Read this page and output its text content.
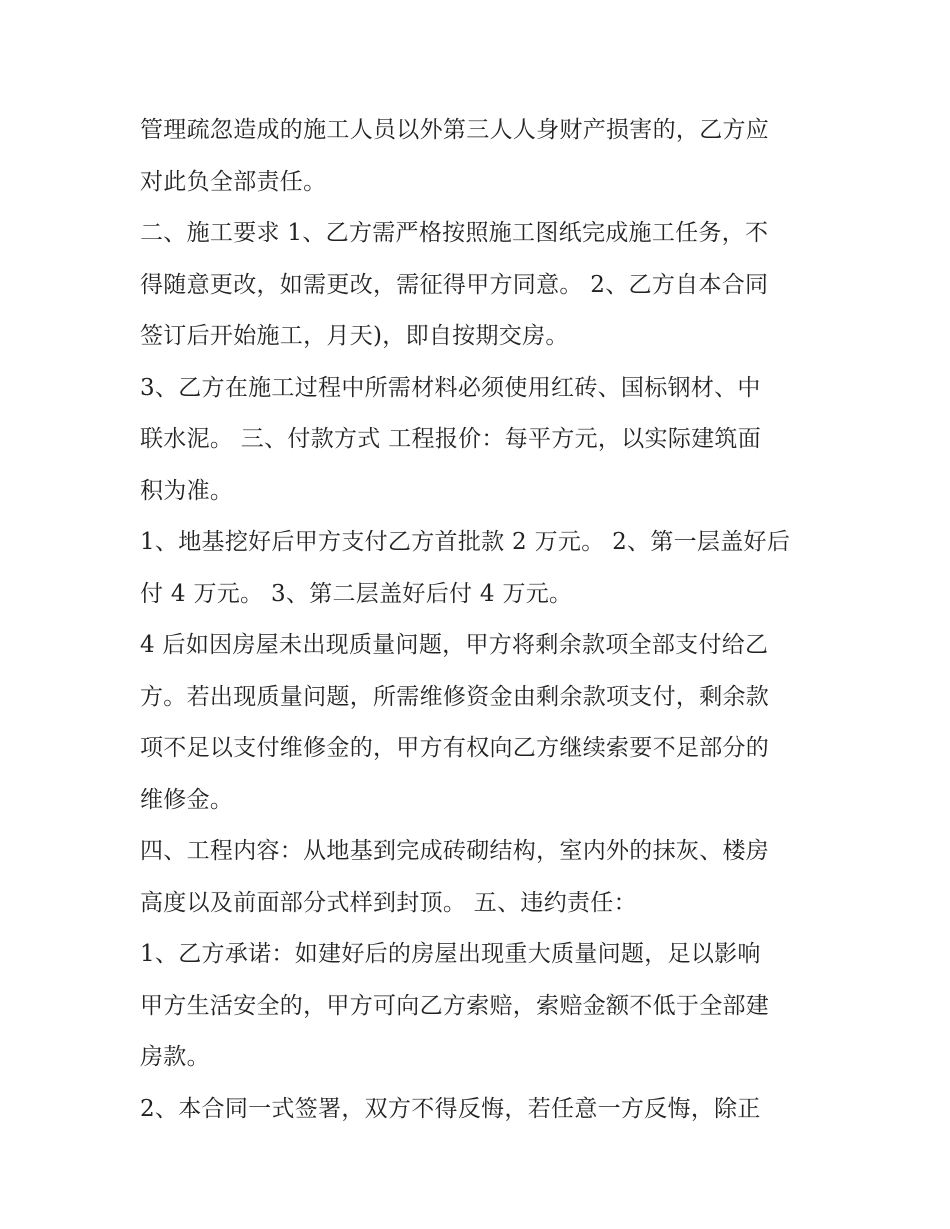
管理疏忽造成的施工人员以外第三人人身财产损害的，乙方应
对此负全部责任。

二、施工要求 1、乙方需严格按照施工图纸完成施工任务，不
得随意更改，如需更改，需征得甲方同意。 2、乙方自本合同
签订后开始施工，月天)，即自按期交房。

3、乙方在施工过程中所需材料必须使用红砖、国标钢材、中
联水泥。 三、付款方式 工程报价：每平方元，以实际建筑面
积为准。

1、地基挖好后甲方支付乙方首批款 2 万元。 2、第一层盖好后
付 4 万元。 3、第二层盖好后付 4 万元。

4 后如因房屋未出现质量问题，甲方将剩余款项全部支付给乙
方。若出现质量问题，所需维修资金由剩余款项支付，剩余款
项不足以支付维修金的，甲方有权向乙方继续索要不足部分的
维修金。

四、工程内容：从地基到完成砖砌结构，室内外的抹灰、楼房
高度以及前面部分式样到封顶。 五、违约责任：

1、乙方承诺：如建好后的房屋出现重大质量问题，足以影响
甲方生活安全的，甲方可向乙方索赔，索赔金额不低于全部建
房款。

2、本合同一式签署，双方不得反悔，若任意一方反悔，除正
